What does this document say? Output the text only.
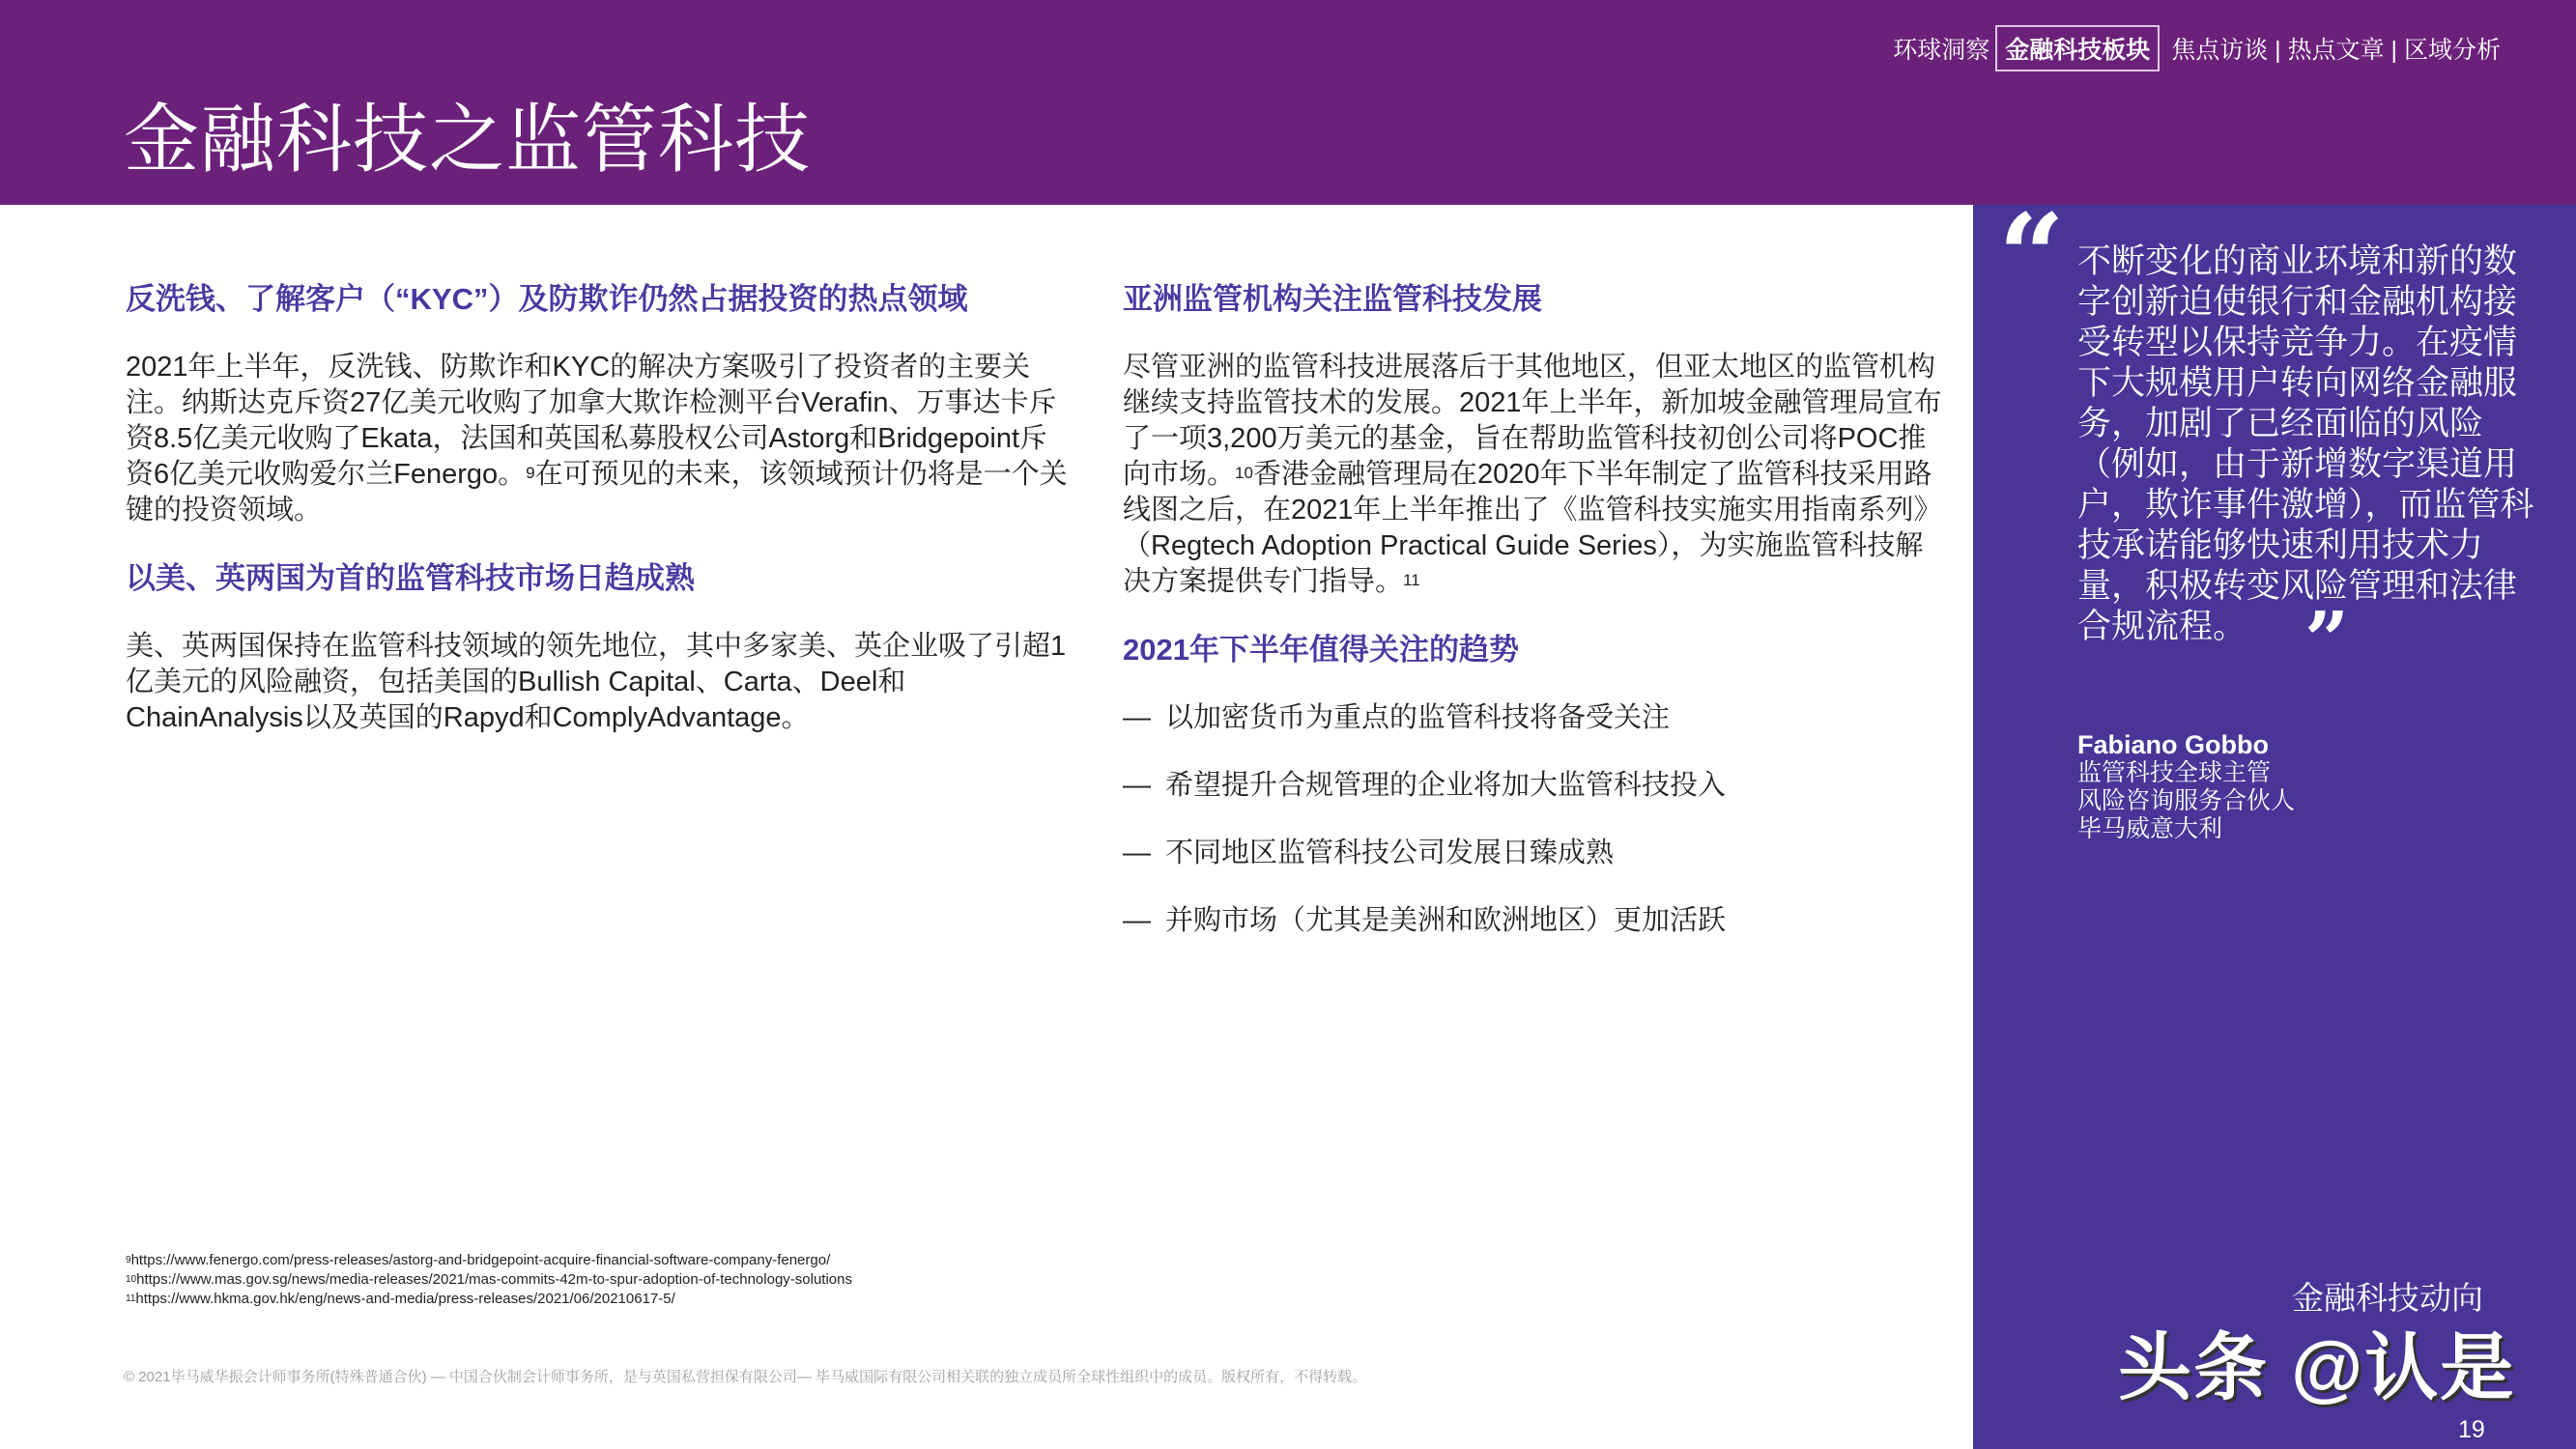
金融科技之监管科技
环球洞察 金融科技板块 焦点访谈 | 热点文章 | 区域分析
反洗钱、了解客户（“KYC”）及防欺诈仍然占据投资的热点领域

2021年上半年，反洗钱、防欺诈和KYC的解决方案吸引了投资者的主要关注。纳斯达克斥资27亿美元收购了加拿大欺诈检测平台Verafin、万事达卡斥资8.5亿美元收购了Ekata，法国和英国私募股权公司Astorg和Bridgepoint斥资6亿美元收购爱尔兰Fenergo。$^9$在可预见的未来，该领域预计仍将是一个关键的投资领域。

以美、英两国为首的监管科技市场日趋成熟

美、英两国保持在监管科技领域的领先地位，其中多家美、英企业吸了引超1亿美元的风险融资，包括美国的Bullish Capital、Carta、Deel和ChainAnalysis以及英国的Rapyd和ComplyAdvantage。

亚洲监管机构关注监管科技发展

尽管亚洲的监管科技进展落后于其他地区，但亚太地区的监管机构继续支持监管技术的发展。2021年上半年，新加坡金融管理局宣布了一项3,200万美元的基金，旨在帮助监管科技初创公司将POC推向市场。$^{10}$香港金融管理局在2020年下半年制定了监管科技采用路线图之后，在2021年上半年推出了《监管科技实施实用指南系列》（Regtech Adoption Practical Guide Series），为实施监管科技解决方案提供专门指导。$^{11}$

2021年下半年值得关注的趋势
— 以加密货币为重点的监管科技将备受关注
— 希望提升合规管理的企业将加大监管科技投入
— 不同地区监管科技公司发展日臻成熟
— 并购市场（尤其是美洲和欧洲地区）更加活跃
“ 不断变化的商业环境和新的数字创新迫使银行和金融机构接受转型以保持竞争力。在疫情下大规模用户转向网络金融服务，加剧了已经面临的风险（例如，由于新增数字渠道用户，欺诈事件激增），而监管科技承诺能够快速利用技术力量，积极转变风险管理和法律合规流程。 ”
Fabiano Gobbo
监管科技全球主管
风险咨询服务合伙人
毕马威意大利
金融科技动向
头条 @认是
19
$^9$https://www.fenergo.com/press-releases/astorg-and-bridgepoint-acquire-financial-software-company-fenergo/
$^{10}$https://www.mas.gov.sg/news/media-releases/2021/mas-commits-42m-to-spur-adoption-of-technology-solutions
$^{11}$https://www.hkma.gov.hk/eng/news-and-media/press-releases/2021/06/20210617-5/
© 2021毕马威华振会计师事务所(特殊普通合伙) — 中国合伙制会计师事务所，是与英国私营担保有限公司— 毕马威国际有限公司相关联的独立成员所全球性组织中的成员。版权所有，不得转载。
